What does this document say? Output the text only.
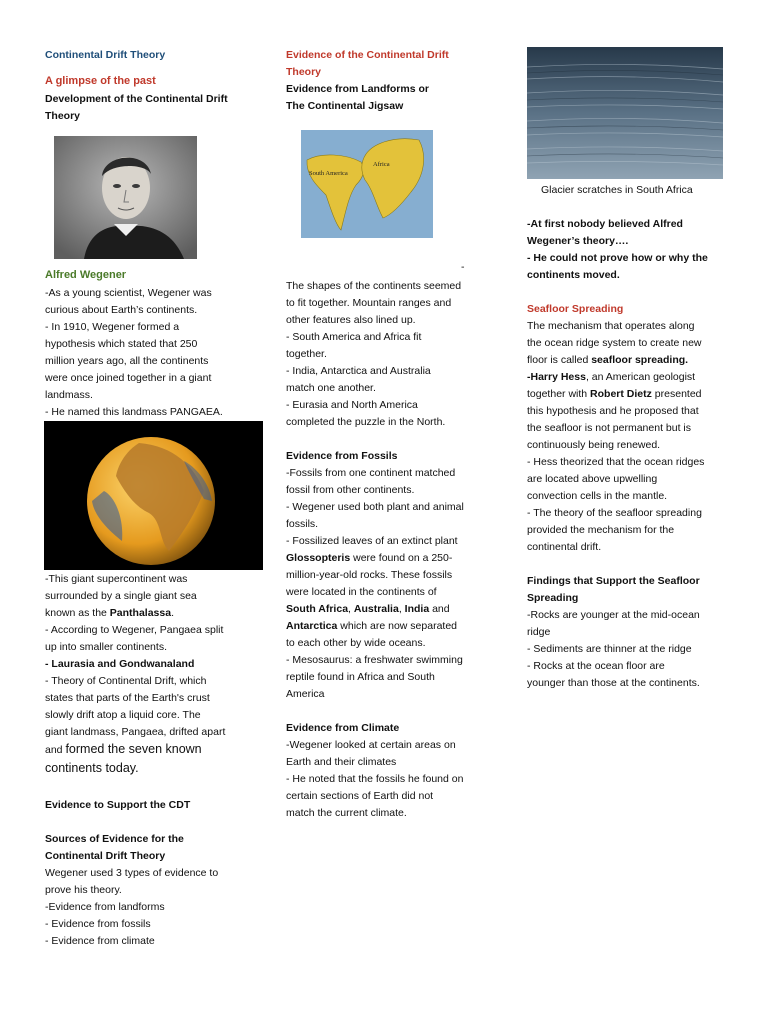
Continental Drift Theory

A glimpse of the past

Development of the Continental Drift

Theory

Alfred Wegener

-As a young scientist, Wegener was

curious about Earth’s continents.

- In 1910, Wegener formed a

hypothesis which stated that 250

million years ago, all the continents

were once joined together in a giant

landmass.

- He named this landmass PANGAEA.

-This giant supercontinent was

surrounded by a single giant sea

known as the Panthalassa.

- According to Wegener, Pangaea split

up into smaller continents.

- Laurasia and Gondwanaland

- Theory of Continental Drift, which

states that parts of the Earth's crust

slowly drift atop a liquid core. The

giant landmass, Pangaea, drifted apart

and formed the seven known

continents today.

Evidence to Support the CDT

Sources of Evidence for the

Continental Drift Theory

Wegener used 3 types of evidence to

prove his theory.

-Evidence from landforms

- Evidence from fossils

- Evidence from climate

Evidence of the Continental Drift

Theory

Evidence from Landforms or

The Continental Jigsaw

South America
Africa

-

The shapes of the continents seemed

to fit together. Mountain ranges and

other features also lined up.

- South America and Africa fit

together.

- India, Antarctica and Australia

match one another.

- Eurasia and North America

completed the puzzle in the North.

Evidence from Fossils

-Fossils from one continent matched

fossil from other continents.

- Wegener used both plant and animal

fossils.

- Fossilized leaves of an extinct plant

Glossopteris were found on a 250-

million-year-old rocks. These fossils

were located in the continents of

South Africa, Australia, India and

Antarctica which are now separated

to each other by wide oceans.

- Mesosaurus: a freshwater swimming

reptile found in Africa and South

America

Evidence from Climate

-Wegener looked at certain areas on

Earth and their climates

- He noted that the fossils he found on

certain sections of Earth did not

match the current climate.

Glacier scratches in South Africa

-At first nobody believed Alfred

Wegener’s theory….

- He could not prove how or why the

continents moved.

Seafloor Spreading

The mechanism that operates along

the ocean ridge system to create new

floor is called seafloor spreading.

-Harry Hess, an American geologist

together with Robert Dietz presented

this hypothesis and he proposed that

the seafloor is not permanent but is

continuously being renewed.

- Hess theorized that the ocean ridges

are located above upwelling

convection cells in the mantle.

- The theory of the seafloor spreading

provided the mechanism for the

continental drift.

Findings that Support the Seafloor

Spreading

-Rocks are younger at the mid-ocean

ridge

- Sediments are thinner at the ridge

- Rocks at the ocean floor are

younger than those at the continents.
